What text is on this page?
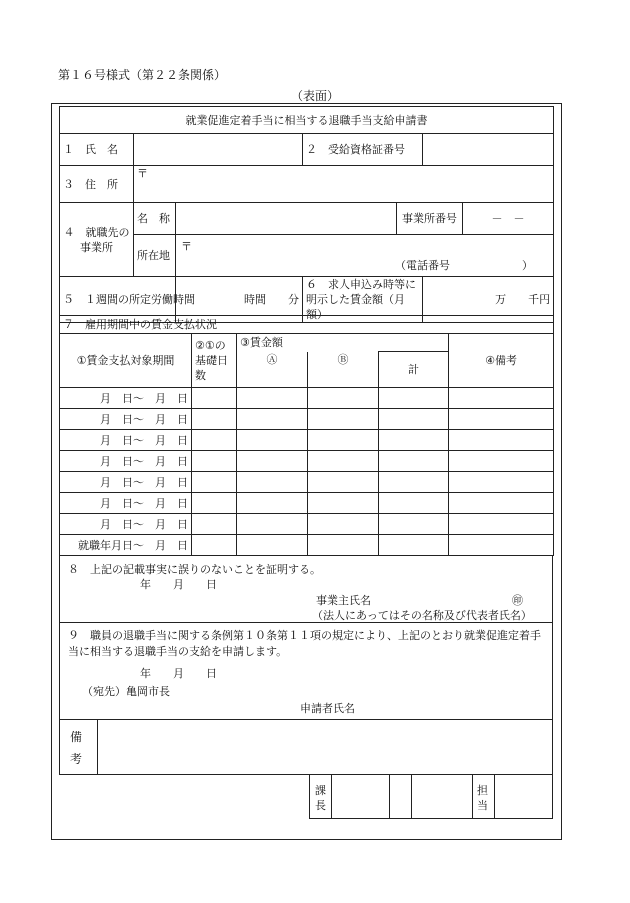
第１６号様式（第２２条関係）
（表面）
就業促進定着手当に相当する退職手当支給申請書						
１　氏　名			２　受給資格証番号			
３　住　所	〒					
４　就職先の事業所	名　称			事業所番号		－　－
	所在地	〒
（電話番号 ）				

５　１週間の所定労働時間		時間　　分	６　求人申込み時等に明示した賃金額（月額）		万　　千円	
７　雇用期間中の賃金支払状況					
①賃金支払対象期間	②①の基礎日数	③賃金額			④備考
		Ⓐ	Ⓑ	計	
月　日～　月　日					
月　日～　月　日					
月　日～　月　日					
月　日～　月　日					
月　日～　月　日					
月　日～　月　日					
月　日～　月　日					
就職年月日～　月　日					
８　上記の記載事実に誤りのないことを証明する。
年　　月　　日
事業主氏名	㊞
（法人にあってはその名称及び代表者氏名）
９　職員の退職手当に関する条例第１０条第１１項の規定により、上記のとおり就業促進定着手当に相当する退職手当の支給を申請します。
年　　月　　日
（宛先）亀岡市長
申請者氏名
備考
課長
担当
